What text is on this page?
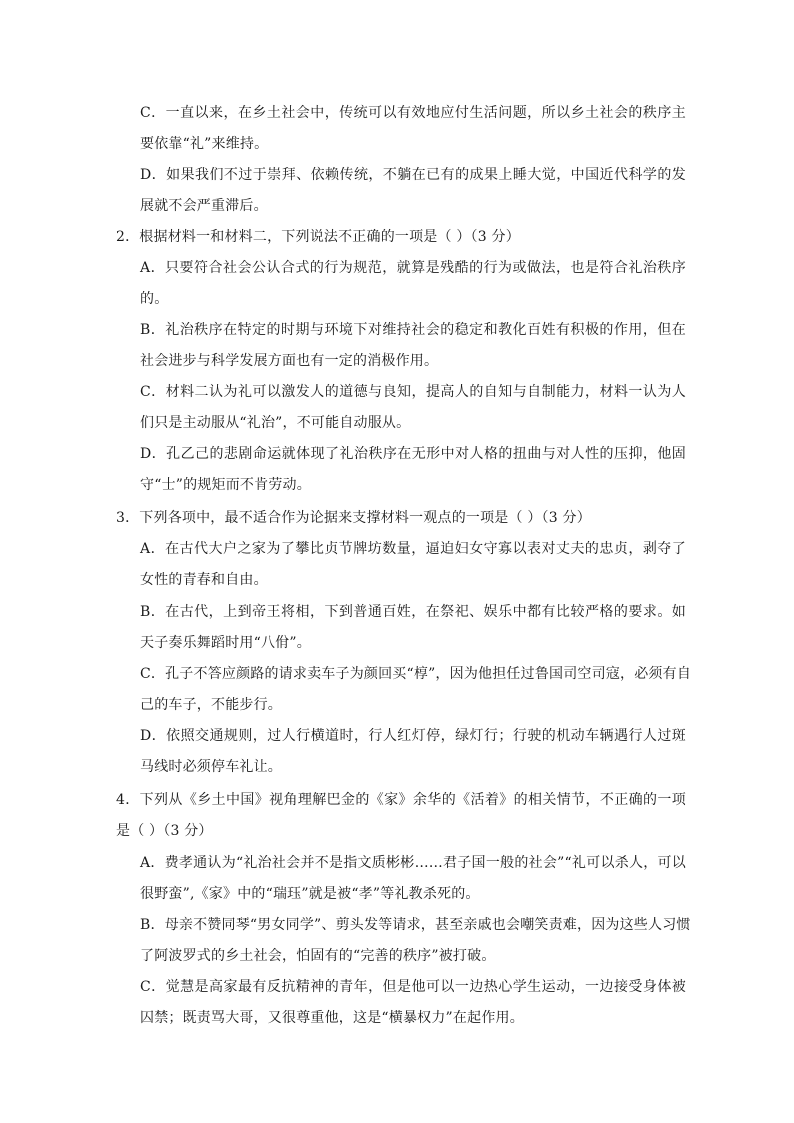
C．一直以来，在乡土社会中，传统可以有效地应付生活问题，所以乡土社会的秩序主
要依靠“礼”来维持。
D．如果我们不过于崇拜、依赖传统，不躺在已有的成果上睡大觉，中国近代科学的发
展就不会严重滞后。
2．根据材料一和材料二，下列说法不正确的一项是（ ）（3 分）
A．只要符合社会公认合式的行为规范，就算是残酷的行为或做法，也是符合礼治秩序
的。
B．礼治秩序在特定的时期与环境下对维持社会的稳定和教化百姓有积极的作用，但在
社会进步与科学发展方面也有一定的消极作用。
C．材料二认为礼可以激发人的道德与良知，提高人的自知与自制能力，材料一认为人
们只是主动服从“礼治”，不可能自动服从。
D．孔乙己的悲剧命运就体现了礼治秩序在无形中对人格的扭曲与对人性的压抑，他固
守“士”的规矩而不肯劳动。
3．下列各项中，最不适合作为论据来支撑材料一观点的一项是（ ）（3 分）
A．在古代大户之家为了攀比贞节牌坊数量，逼迫妇女守寡以表对丈夫的忠贞，剥夺了
女性的青春和自由。
B．在古代，上到帝王将相，下到普通百姓，在祭祀、娱乐中都有比较严格的要求。如
天子奏乐舞蹈时用“八佾”。
C．孔子不答应颜路的请求卖车子为颜回买“椁”，因为他担任过鲁国司空司寇，必须有自
己的车子，不能步行。
D．依照交通规则，过人行横道时，行人红灯停，绿灯行；行驶的机动车辆遇行人过斑
马线时必须停车礼让。
4．下列从《乡土中国》视角理解巴金的《家》余华的《活着》的相关情节，不正确的一项
是（ ）（3 分）
A．费孝通认为“礼治社会并不是指文质彬彬……君子国一般的社会”“礼可以杀人，可以
很野蛮”,《家》中的“瑞珏”就是被“孝”等礼教杀死的。
B．母亲不赞同琴“男女同学”、剪头发等请求，甚至亲戚也会嘲笑责难，因为这些人习惯
了阿波罗式的乡土社会，怕固有的“完善的秩序”被打破。
C．觉慧是高家最有反抗精神的青年，但是他可以一边热心学生运动，一边接受身体被
囚禁；既责骂大哥，又很尊重他，这是“横暴权力”在起作用。
